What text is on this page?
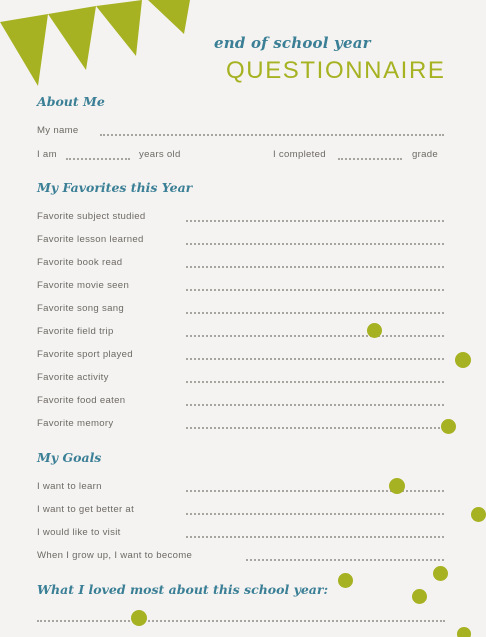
end of school year
QUESTIONNAIRE
About Me
My name
I am	years old	I completed	grade
My Favorites this Year
Favorite subject studied
Favorite lesson learned
Favorite book read
Favorite movie seen
Favorite song sang
Favorite field trip
Favorite sport played
Favorite activity
Favorite food eaten
Favorite memory
My Goals
I want to learn
I want to get better at
I would like to visit
When I grow up, I want to become
What I loved most about this school year:
